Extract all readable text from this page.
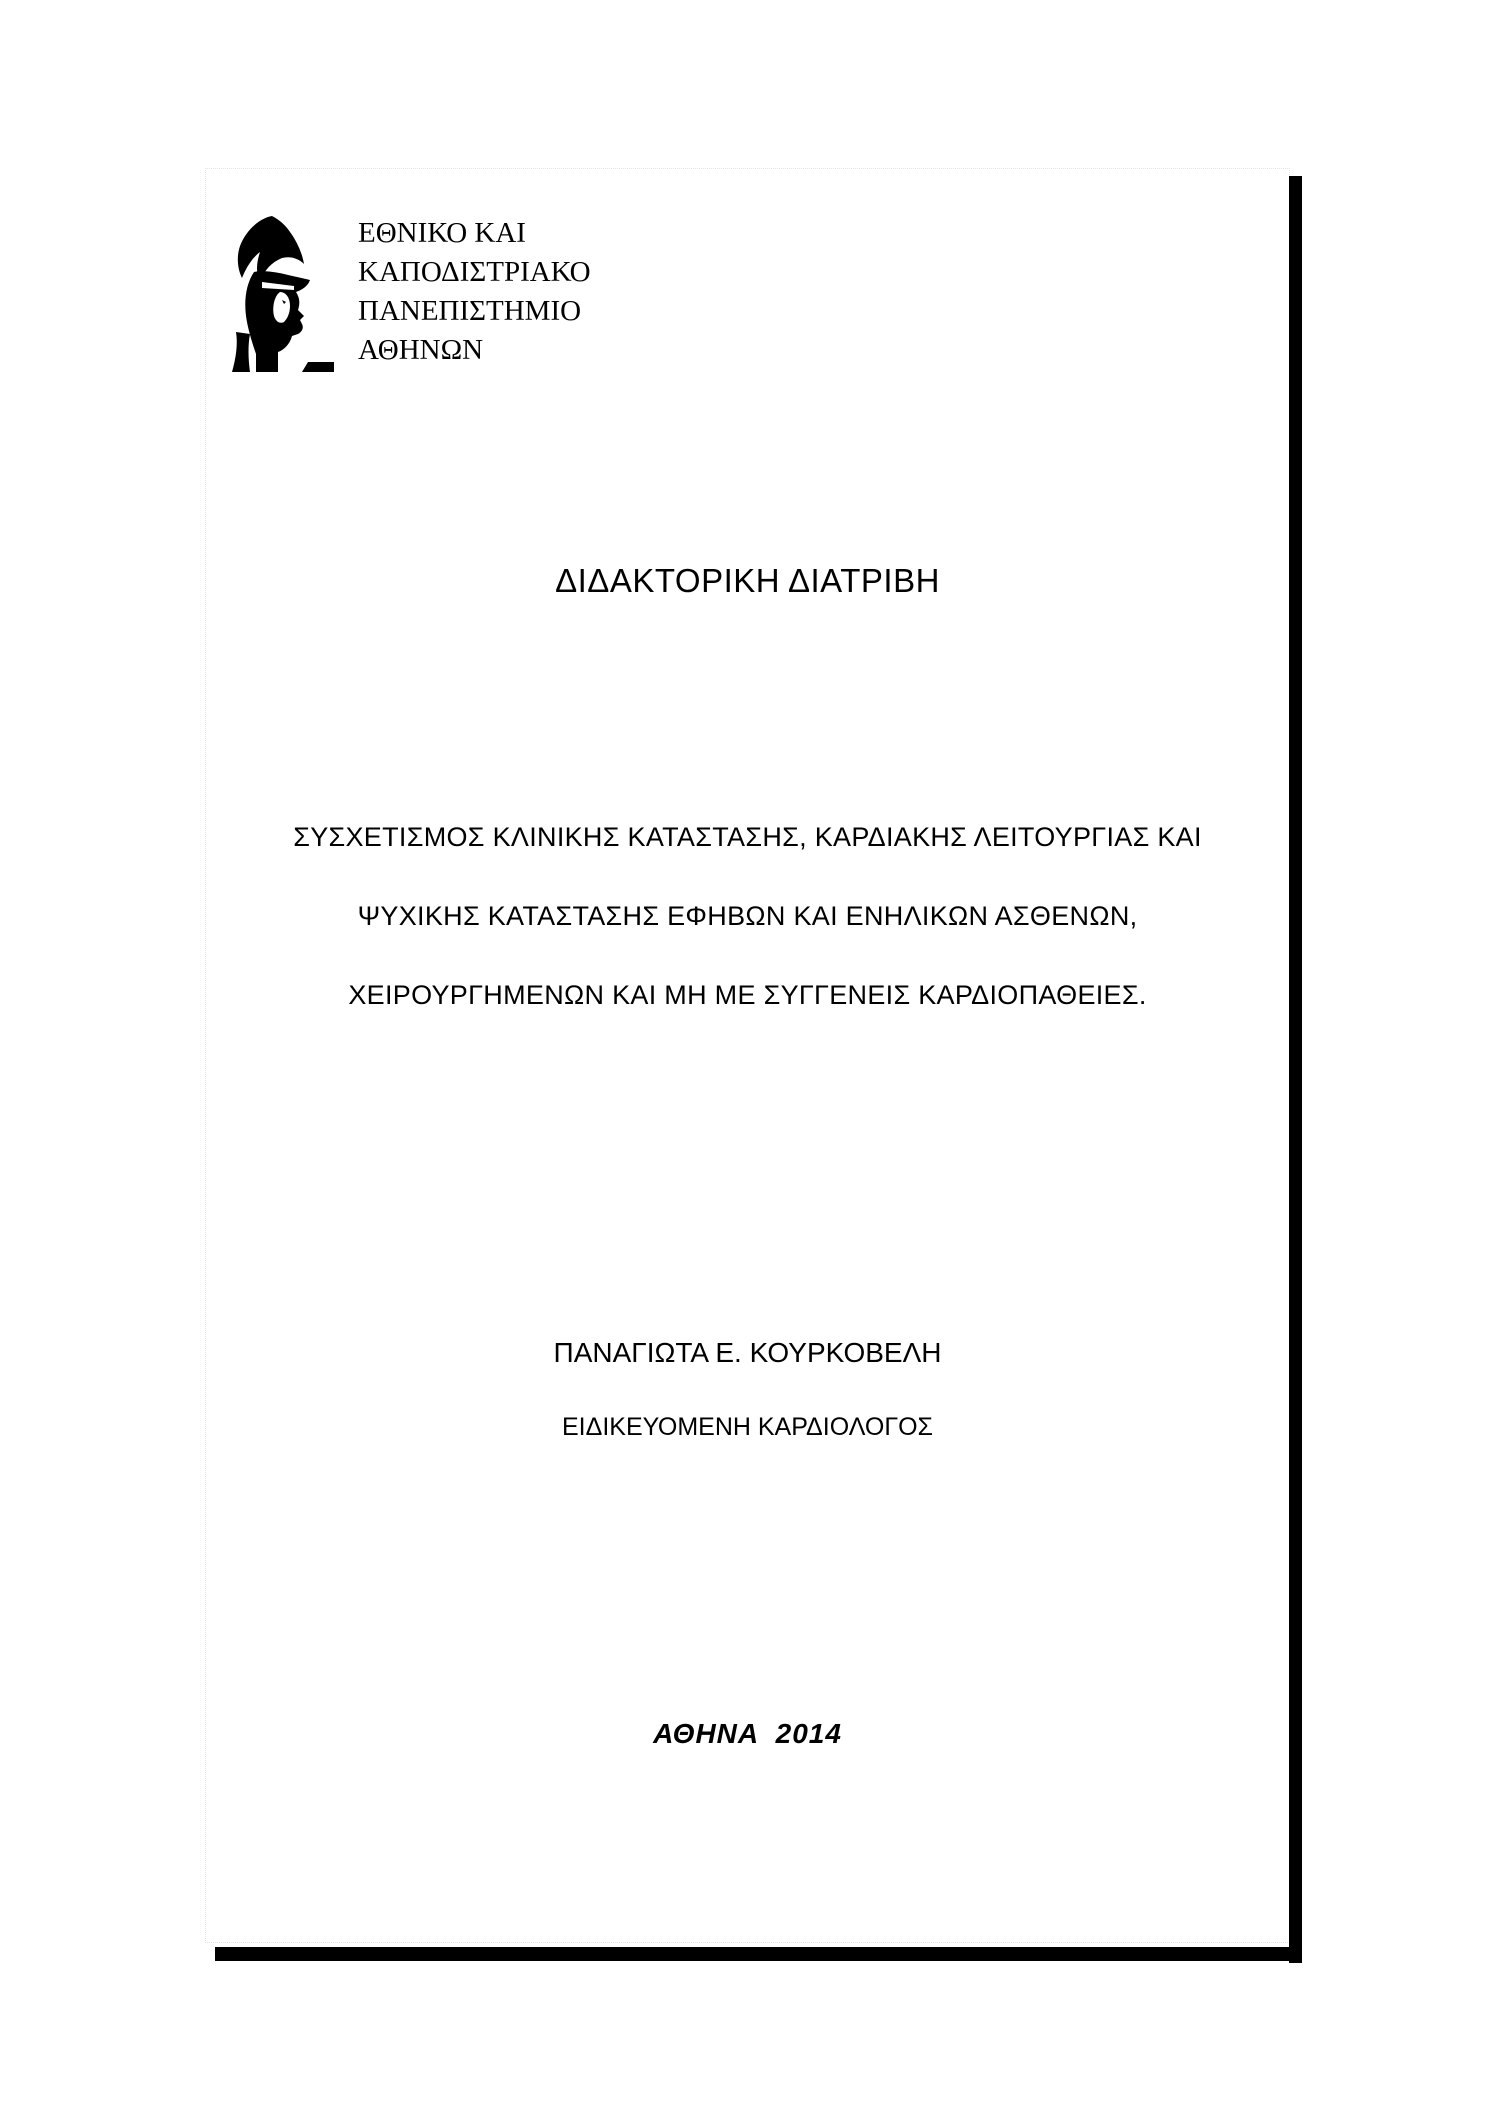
ΕΘΝΙΚΟ ΚΑΙ
ΚΑΠΟΔΙΣΤΡΙΑΚΟ
ΠΑΝΕΠΙΣΤΗΜΙΟ
ΑΘΗΝΩΝ
ΔΙΔΑΚΤΟΡΙΚΗ ΔΙΑΤΡΙΒΗ
ΣΥΣΧΕΤΙΣΜΟΣ ΚΛΙΝΙΚΗΣ ΚΑΤΑΣΤΑΣΗΣ, ΚΑΡΔΙΑΚΗΣ ΛΕΙΤΟΥΡΓΙΑΣ ΚΑΙ
ΨΥΧΙΚΗΣ ΚΑΤΑΣΤΑΣΗΣ ΕΦΗΒΩΝ ΚΑΙ ΕΝΗΛΙΚΩΝ ΑΣΘΕΝΩΝ,
ΧΕΙΡΟΥΡΓΗΜΕΝΩΝ ΚΑΙ ΜΗ ΜΕ ΣΥΓΓΕΝΕΙΣ ΚΑΡΔΙΟΠΑΘΕΙΕΣ.
ΠΑΝΑΓΙΩΤΑ Ε. ΚΟΥΡΚΟΒΕΛΗ
ΕΙΔΙΚΕΥΟΜΕΝΗ ΚΑΡΔΙΟΛΟΓΟΣ
ΑΘΗΝΑ  2014
